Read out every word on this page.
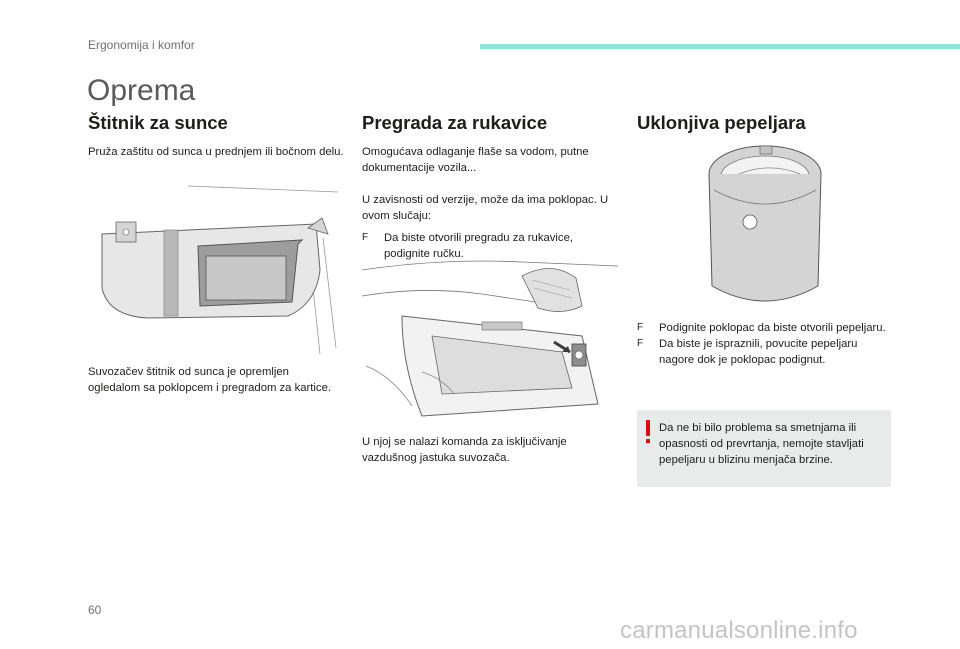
Ergonomija i komfor
Oprema
Štitnik za sunce

Pruža zaštitu od sunca u prednjem ili bočnom delu.

Suvozačev štitnik od sunca je opremljen ogledalom sa poklopcem i pregradom za kartice.

Pregrada za rukavice

Omogućava odlaganje flaše sa vodom, putne dokumentacije vozila...

U zavisnosti od verzije, može da ima poklopac. U ovom slučaju:

F Da biste otvorili pregradu za rukavice, podignite ručku.

U njoj se nalazi komanda za isključivanje vazdušnog jastuka suvozača.

Uklonjiva pepeljara
F Podignite poklopac da biste otvorili pepeljaru.
F Da biste je ispraznili, povucite pepeljaru nagore dok je poklopac podignut.

Da ne bi bilo problema sa smetnjama ili opasnosti od prevrtanja, nemojte stavljati pepeljaru u blizinu menjača brzine.

60
carmanualsonline.info
